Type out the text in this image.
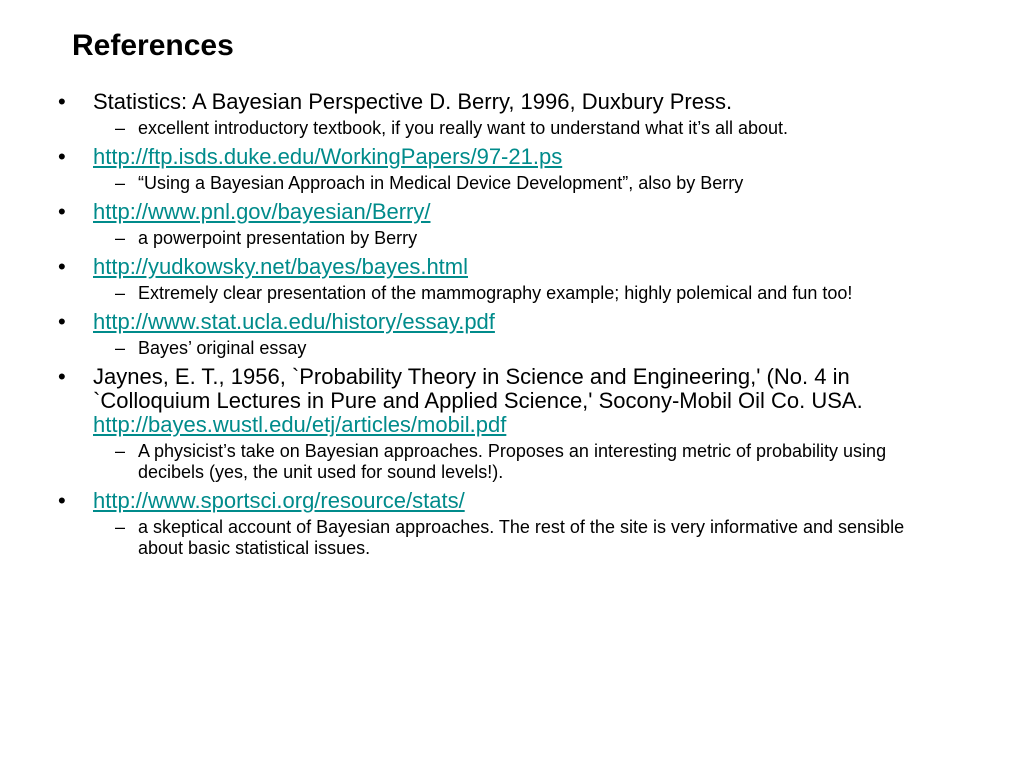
References
• Statistics: A Bayesian Perspective D. Berry, 1996, Duxbury Press.
– excellent introductory textbook, if you really want to understand what it’s all about.
• http://ftp.isds.duke.edu/WorkingPapers/97-21.ps
– “Using a Bayesian Approach in Medical Device Development”, also by Berry
• http://www.pnl.gov/bayesian/Berry/
– a powerpoint presentation by Berry
• http://yudkowsky.net/bayes/bayes.html
– Extremely clear presentation of the mammography example; highly polemical and fun too!
• http://www.stat.ucla.edu/history/essay.pdf
– Bayes’ original essay
• Jaynes, E. T., 1956, `Probability Theory in Science and Engineering,' (No. 4 in `Colloquium Lectures in Pure and Applied Science,' Socony-Mobil Oil Co. USA. http://bayes.wustl.edu/etj/articles/mobil.pdf
– A physicist’s take on Bayesian approaches. Proposes an interesting metric of probability using decibels (yes, the unit used for sound levels!).
• http://www.sportsci.org/resource/stats/
– a skeptical account of Bayesian approaches. The rest of the site is very informative and sensible about basic statistical issues.
